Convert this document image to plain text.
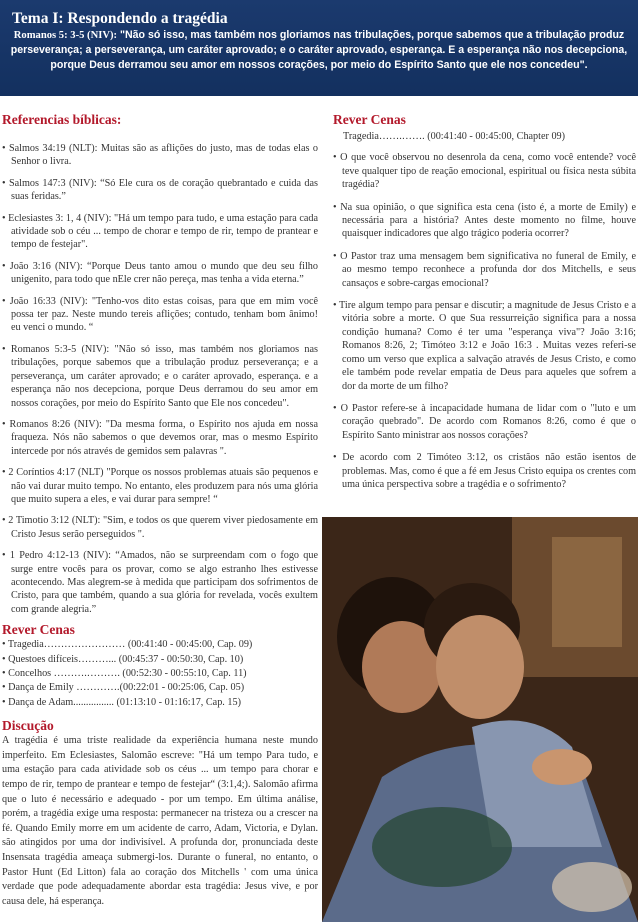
Tema I: Respondendo a tragédia
Romanos 5: 3-5 (NIV): "Não só isso, mas também nos gloriamos nas tribulações, porque sabemos que a tribulação produz perseverança; a perseverança, um caráter aprovado; e o caráter aprovado, esperança. E a esperança não nos decepciona, porque Deus derramou seu amor em nossos corações, por meio do Espírito Santo que ele nos concedeu".
Referencias bíblicas:

• Salmos 34:19 (NLT): Muitas são as aflições do justo, mas de todas elas o Senhor o livra.

• Salmos 147:3 (NIV): “Só Ele cura os de coração quebrantado e cuida das suas feridas.”

• Eclesiastes 3: 1, 4 (NIV): "Há um tempo para tudo, e uma estação para cada atividade sob o céu ... tempo de chorar e tempo de rir, tempo de prantear e tempo de festejar".

• João 3:16 (NIV): “Porque Deus tanto amou o mundo que deu seu filho unigenito, para todo que nEle crer não pereça, mas tenha a vida eterna.”

• João 16:33 (NIV): "Tenho-vos dito estas coisas, para que em mim você possa ter paz. Neste mundo tereis aflições; contudo, tenham bom ânimo! eu venci o mundo. “

• Romanos 5:3-5 (NIV): "Não só isso, mas também nos gloriamos nas tribulações, porque sabemos que a tribulação produz perseverança; e a perseverança, um caráter aprovado; e o caráter aprovado, esperança. e a esperança não nos decepciona, porque Deus derramou do seu amor em nossos corações, por meio do Espírito Santo que Ele nos concedeu".

• Romanos 8:26 (NIV): "Da mesma forma, o Espírito nos ajuda em nossa fraqueza. Nós não sabemos o que devemos orar, mas o mesmo Espírito intercede por nós através de gemidos sem palavras ".

• 2 Coríntios 4:17 (NLT) "Porque os nossos problemas atuais são pequenos e não vai durar muito tempo. No entanto, eles produzem para nós uma glória que muito supera a eles, e vai durar para sempre! “

• 2 Timotio 3:12 (NLT): "Sim, e todos os que querem viver piedosamente em Cristo Jesus serão perseguidos ".

• 1 Pedro 4:12-13 (NIV): “Amados, não se surpreendam com o fogo que surge entre vocês para os provar, como se algo estranho lhes estivesse acontecendo. Mas alegrem-se à medida que participam dos sofrimentos de Cristo, para que também, quando a sua glória for revelada, vocês exultem com grande alegria.”

Rever Cenas
• Tragedia…………………… (00:41:40 - 00:45:00, Cap. 09)
• Questoes difíceis………... (00:45:37 - 00:50:30, Cap. 10)
• Concelhos ……….………. (00:52:30 - 00:55:10, Cap. 11)
• Dança de Emily ………….(00:22:01 - 00:25:06, Cap. 05)
• Dança de Adam................ (01:13:10 - 01:16:17, Cap. 15)
Discução

A tragédia é uma triste realidade da experiência humana neste mundo imperfeito. Em Eclesiastes, Salomão escreve: "Há um tempo Para tudo, e uma estação para cada atividade sob os céus ... um tempo para chorar e tempo de rir, tempo de prantear e tempo de festejar“ (3:1,4;). Salomão afirma que o luto é necessário e adequado - por um tempo. Em última análise, porém, a tragédia exige uma resposta: permanecer na tristeza ou a crescer na fé. Quando Emily morre em um acidente de carro, Adam, Victoria, e Dylan. são atingidos por uma dor indivisível. A profunda dor, pronunciada deste Insensata tragédia ameaça submergi-los. Durante o funeral, no entanto, o Pastor Hunt (Ed Litton) fala ao coração dos Mitchells ' com uma única verdade que pode adequadamente abordar esta tragédia: Jesus vive, e por causa dele, há esperança.

Rever Cenas
Tragedia…….……. (00:41:40 - 00:45:00, Chapter 09)

• O que você observou no desenrola da cena, como você entende? você teve qualquer tipo de reação emocional, espiritual ou física nesta súbita tragédia?

• Na sua opinião, o que significa esta cena (isto é, a morte de Emily) e necessária para a história? Antes deste momento no filme, houve quaisquer indicadores que algo trágico poderia ocorrer?

• O Pastor traz uma mensagem bem significativa no funeral de Emily, e ao mesmo tempo reconhece a profunda dor dos Mitchells, e seus cansaços e sobre-cargas emocional?

• Tire algum tempo para pensar e discutir; a magnitude de Jesus Cristo e a vitória sobre a morte. O que Sua ressurreição significa para a nossa condição humana? Como é ter uma "esperança viva"? João 3:16; Romanos 8:26, 2; Timóteo 3:12 e João 16:3 . Muitas vezes referi-se como um verso que explica a salvação através de Jesus Cristo, e como ele também pode revelar empatia de Deus para aqueles que sofrem a dor da morte de um filho?

• O Pastor refere-se à incapacidade humana de lidar com o "luto e um coração quebrado". De acordo com Romanos 8:26, como é que o Espírito Santo ministrar aos nossos corações?

• De acordo com 2 Timóteo 3:12, os cristãos não estão isentos de problemas. Mas, como é que a fé em Jesus Cristo equipa os crentes com uma única perspectiva sobre a tragédia e o sofrimento?
